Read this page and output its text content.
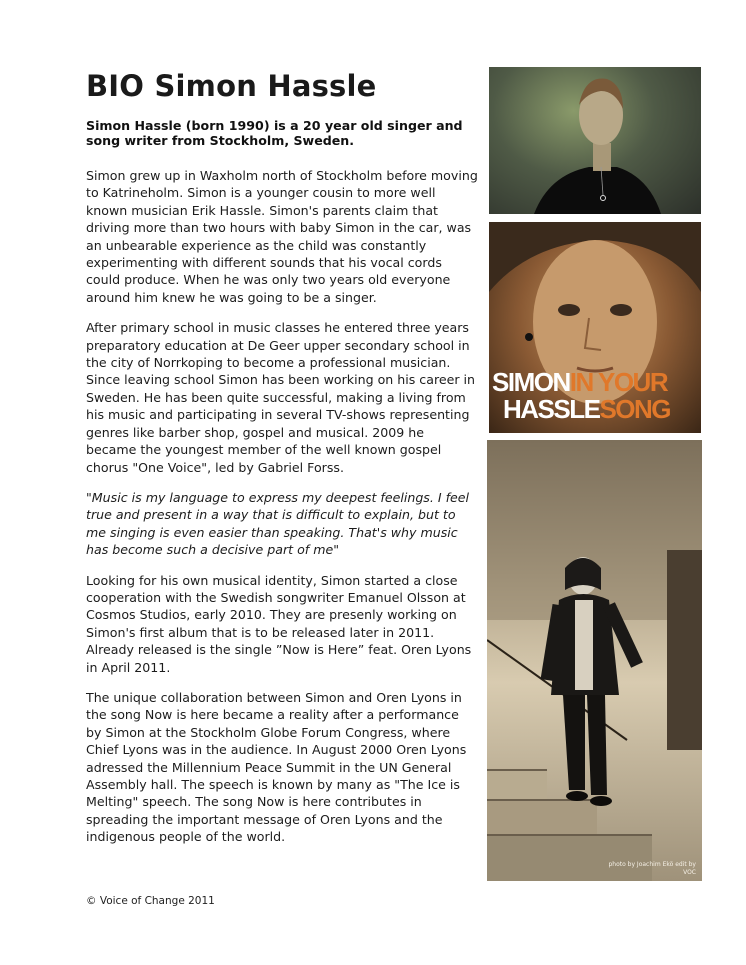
BIO Simon Hassle

Simon Hassle (born 1990) is a 20 year old singer and song writer from Stockholm, Sweden.

Simon grew up in Waxholm north of Stockholm before moving to Katrineholm. Simon is a younger cousin to more well known musician Erik Hassle. Simon's parents claim that driving more than two hours with baby Simon in the car, was an unbearable experience as the child was constantly experimenting with different sounds that his vocal cords could produce. When he was only two years old everyone around him knew he was going to be a singer.

After primary school in music classes he entered three years preparatory education at De Geer upper secondary school in the city of Norrkoping to become a professional musician. Since leaving school Simon has been working on his career in Sweden. He has been quite successful, making a living from his music and participating in several TV-shows representing genres like barber shop, gospel and musical. 2009 he became the youngest member of the well known gospel chorus "One Voice", led by Gabriel Forss.

"Music is my language to express my deepest feelings. I feel true and present in a way that is difficult to explain, but to me singing is even easier than speaking. That's why music has become such a decisive part of me"

Looking for his own musical identity, Simon started a close cooperation with the Swedish songwriter Emanuel Olsson at Cosmos Studios, early 2010. They are presenly working on Simon's first album that is to be released later in 2011. Already released is the single ”Now is Here” feat. Oren Lyons in April 2011.

The unique collaboration between Simon and Oren Lyons in the song Now is here became a reality after a performance by Simon at the Stockholm Globe Forum Congress, where Chief Lyons was in the audience. In August 2000 Oren Lyons adressed the Millennium Peace Summit in the UN General Assembly hall. The speech is known by many as "The Ice is Melting" speech. The song Now is here contributes in spreading the important message of Oren Lyons and the indigenous people of the world.

© Voice of Change 2011
SIMONIN YOUR
HASSLESONG
photo by Joachim Ekö edit by VOC
